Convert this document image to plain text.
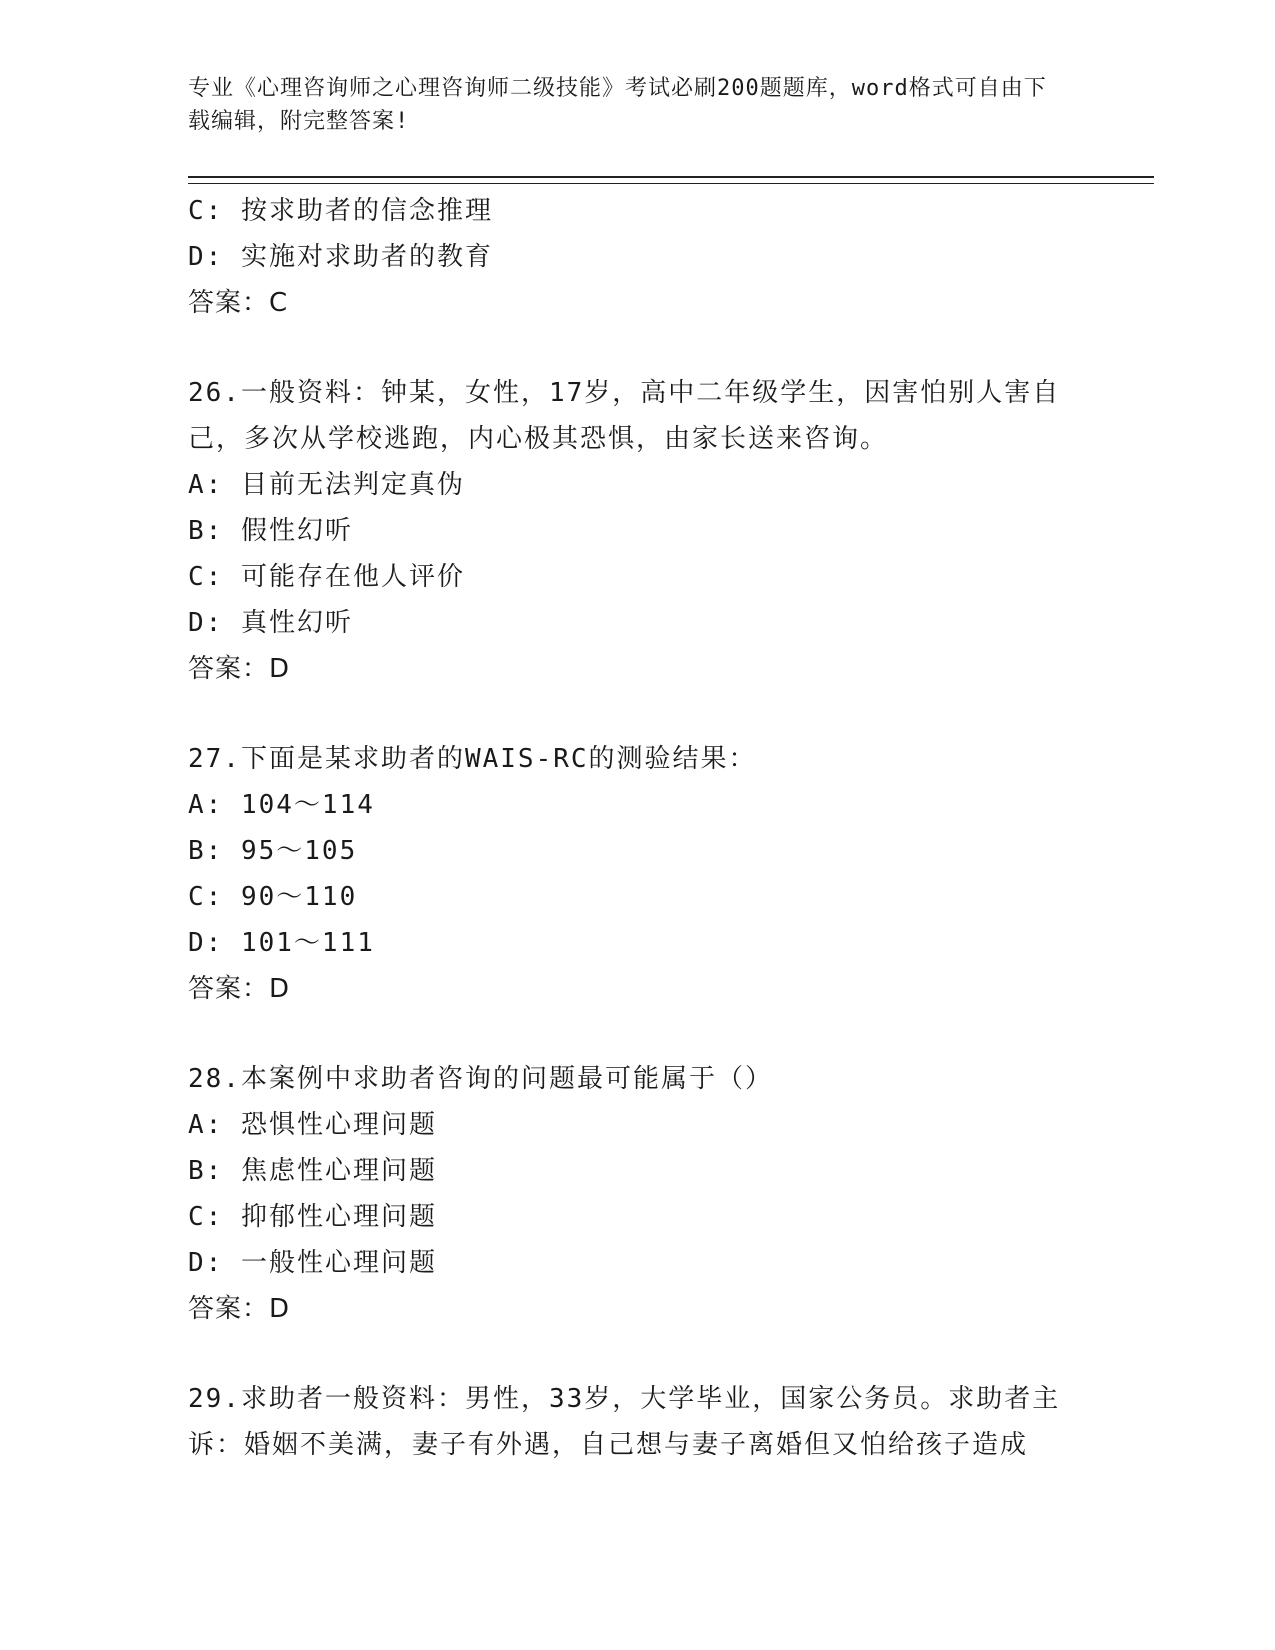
专业《心理咨询师之心理咨询师二级技能》考试必刷200题题库，word格式可自由下载编辑，附完整答案!
C: 按求助者的信念推理
D: 实施对求助者的教育
答案：C
26.一般资料：钟某，女性，17岁，高中二年级学生，因害怕别人害自
己，多次从学校逃跑，内心极其恐惧，由家长送来咨询。
A: 目前无法判定真伪
B: 假性幻听
C: 可能存在他人评价
D: 真性幻听
答案：D
27.下面是某求助者的WAIS-RC的测验结果：
A: 104～114
B: 95～105
C: 90～110
D: 101～111
答案：D
28.本案例中求助者咨询的问题最可能属于（）
A: 恐惧性心理问题
B: 焦虑性心理问题
C: 抑郁性心理问题
D: 一般性心理问题
答案：D
29.求助者一般资料：男性，33岁，大学毕业，国家公务员。求助者主
诉：婚姻不美满，妻子有外遇，自己想与妻子离婚但又怕给孩子造成
